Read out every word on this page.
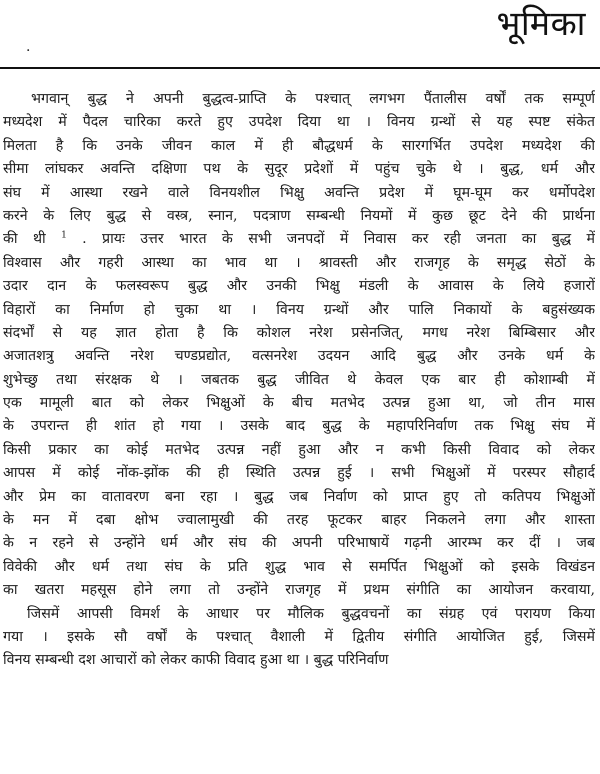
भूमिका
·
भगवान् बुद्ध ने अपनी बुद्धत्व-प्राप्ति के पश्चात् लगभग पैंतालीस वर्षों तक सम्पूर्ण
मध्यदेश में पैदल चारिका करते हुए उपदेश दिया था । विनय ग्रन्थों से यह स्पष्ट संकेत
मिलता है कि उनके जीवन काल में ही बौद्धधर्म के सारगर्भित उपदेश मध्यदेश की
सीमा लांघकर अवन्ति दक्षिणा पथ के सुदूर प्रदेशों में पहुंच चुके थे । बुद्ध, धर्म और
संघ में आस्था रखने वाले विनयशील भिक्षु अवन्ति प्रदेश में घूम-घूम कर धर्मोपदेश
करने के लिए बुद्ध से वस्त्र, स्नान, पदत्राण सम्बन्धी नियमों में कुछ छूट देने की प्रार्थना
की थी $^1$ . प्रायः उत्तर भारत के सभी जनपदों में निवास कर रही जनता का बुद्ध में
विश्वास और गहरी आस्था का भाव था । श्रावस्ती और राजगृह के समृद्ध सेठों के
उदार दान के फलस्वरूप बुद्ध और उनकी भिक्षु मंडली के आवास के लिये हजारों
विहारों का निर्माण हो चुका था । विनय ग्रन्थों और पालि निकायों के बहुसंख्यक
संदर्भों से यह ज्ञात होता है कि कोशल नरेश प्रसेनजित्, मगध नरेश बिम्बिसार और
अजातशत्रु अवन्ति नरेश चण्डप्रद्योत, वत्सनरेश उदयन आदि बुद्ध और उनके धर्म के
शुभेच्छु तथा संरक्षक थे । जबतक बुद्ध जीवित थे केवल एक बार ही कोशाम्बी में
एक मामूली बात को लेकर भिक्षुओं के बीच मतभेद उत्पन्न हुआ था, जो तीन मास
के उपरान्त ही शांत हो गया । उसके बाद बुद्ध के महापरिनिर्वाण तक भिक्षु संघ में
किसी प्रकार का कोई मतभेद उत्पन्न नहीं हुआ और न कभी किसी विवाद को लेकर
आपस में कोई नोंक-झोंक की ही स्थिति उत्पन्न हुई । सभी भिक्षुओं में परस्पर सौहार्द
और प्रेम का वातावरण बना रहा । बुद्ध जब निर्वाण को प्राप्त हुए तो कतिपय भिक्षुओं
के मन में दबा क्षोभ ज्वालामुखी की तरह फूटकर बाहर निकलने लगा और शास्ता
के न रहने से उन्होंने धर्म और संघ की अपनी परिभाषायें गढ़नी आरम्भ कर दीं । जब
विवेकी और धर्म तथा संघ के प्रति शुद्ध भाव से समर्पित भिक्षुओं को इसके विखंडन
का खतरा महसूस होने लगा तो उन्होंने राजगृह में प्रथम संगीति का आयोजन करवाया,
जिसमें आपसी विमर्श के आधार पर मौलिक बुद्धवचनों का संग्रह एवं परायण किया
गया । इसके सौ वर्षों के पश्चात् वैशाली में द्वितीय संगीति आयोजित हुई, जिसमें
विनय सम्बन्धी दश आचारों को लेकर काफी विवाद हुआ था । बुद्ध परिनिर्वाण
